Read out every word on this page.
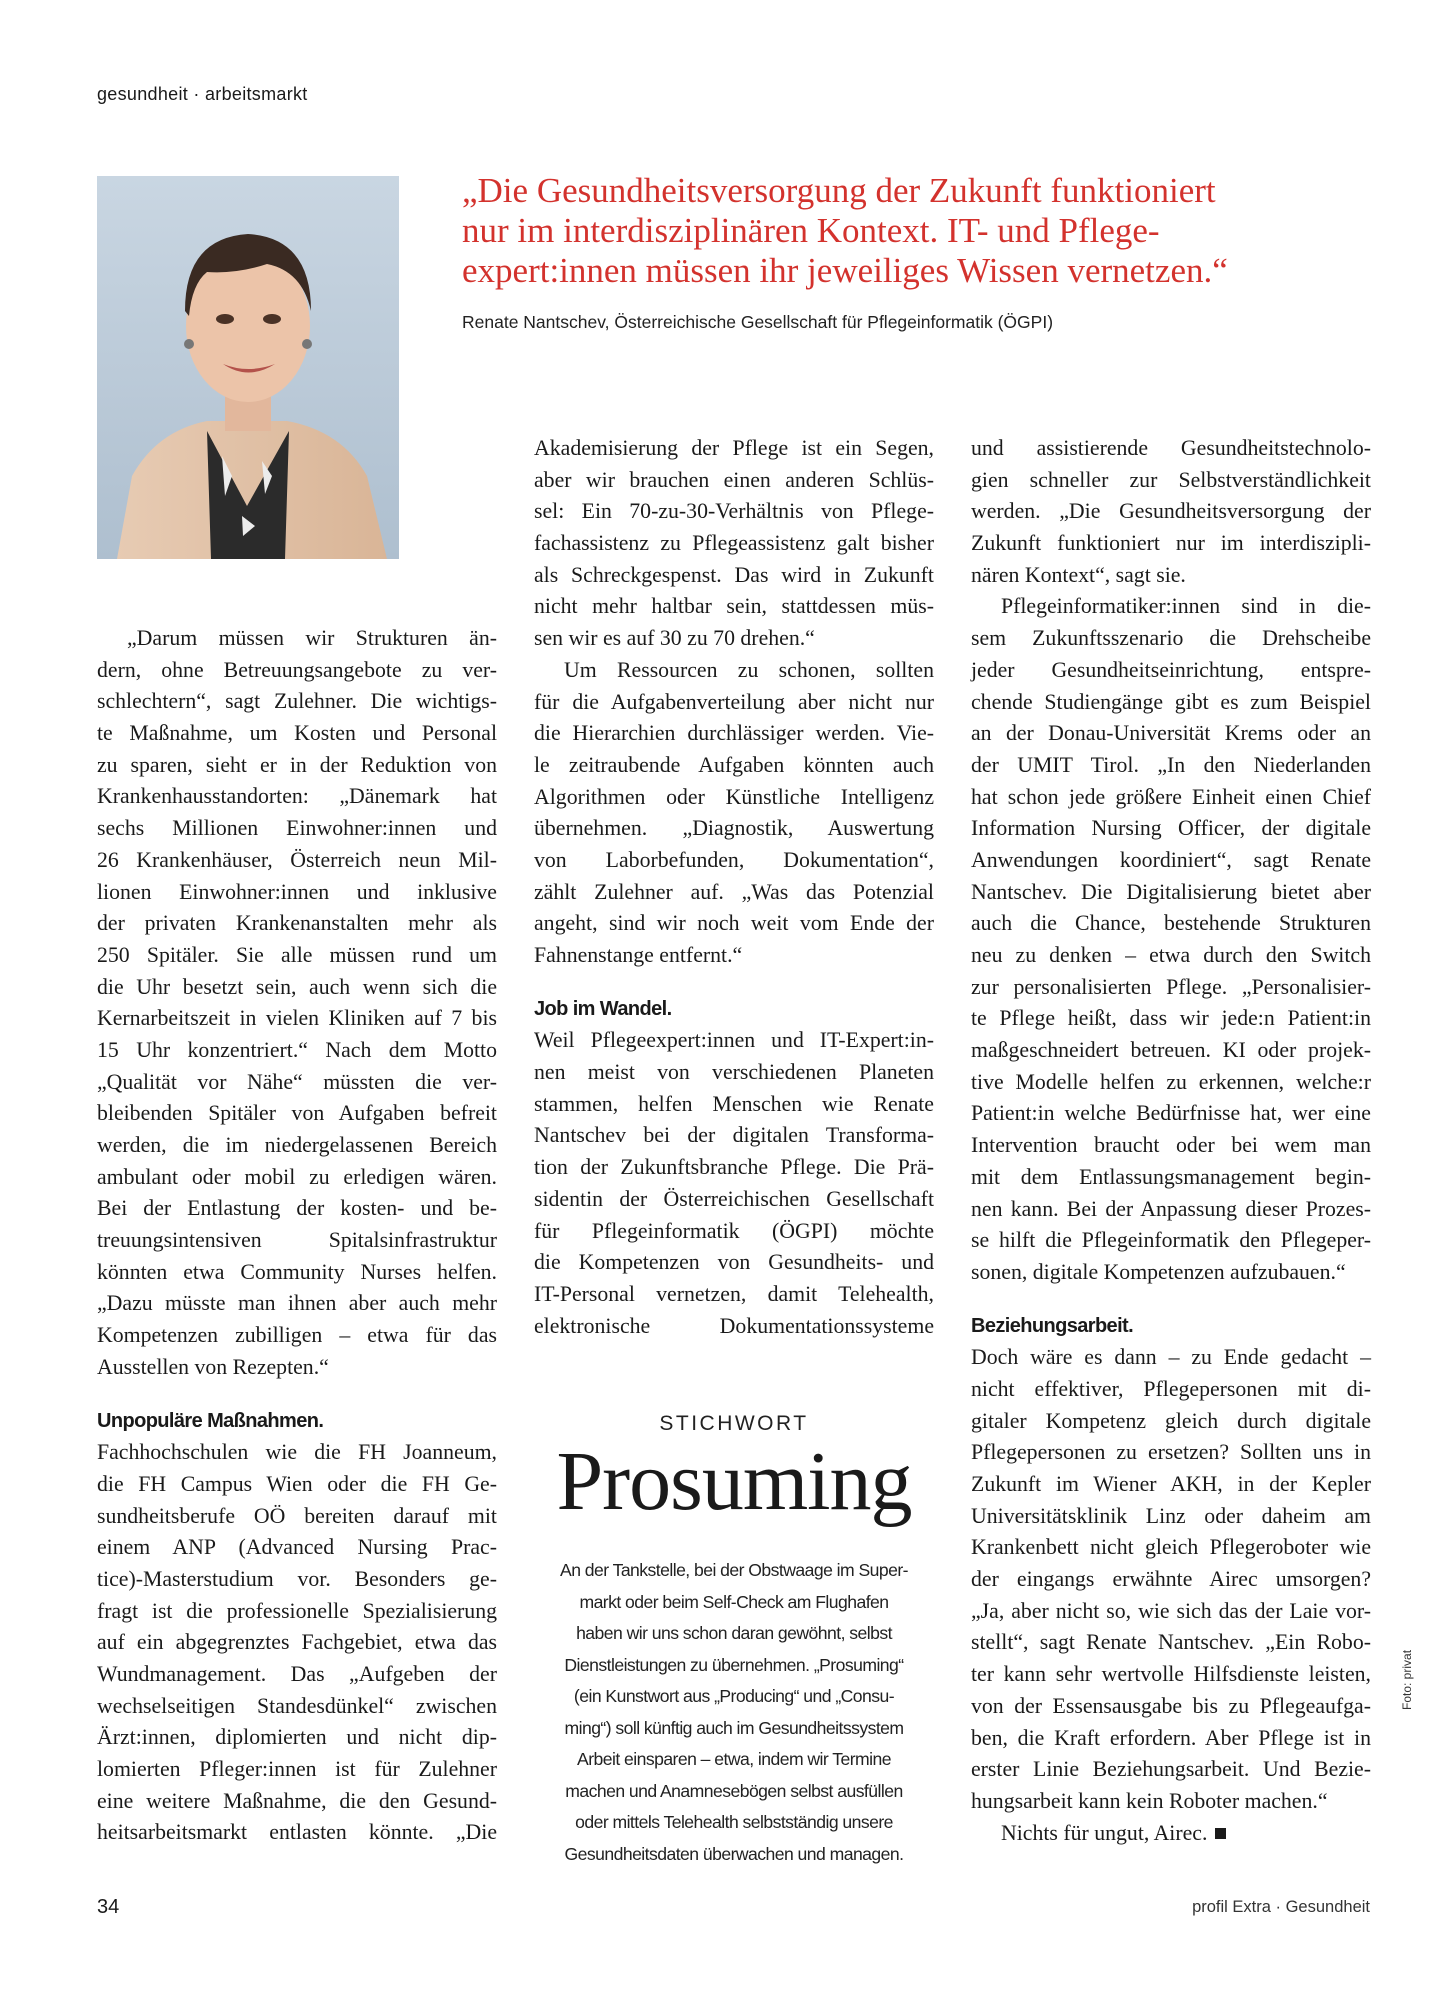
gesundheit · arbeitsmarkt
„Die Gesundheitsversorgung der Zukunft funktioniert
nur im interdisziplinären Kontext. IT- und Pflege-
expert:innen müssen ihr jeweiliges Wissen vernetzen.“
Renate Nantschev, Österreichische Gesellschaft für Pflegeinformatik (ÖGPI)
„Darum müssen wir Strukturen än-
dern, ohne Betreuungsangebote zu ver-
schlechtern“, sagt Zulehner. Die wichtigs-
te Maßnahme, um Kosten und Personal
zu sparen, sieht er in der Reduktion von
Krankenhausstandorten: „Dänemark hat
sechs Millionen Einwohner:innen und
26 Krankenhäuser, Österreich neun Mil-
lionen Einwohner:innen und inklusive
der privaten Krankenanstalten mehr als
250 Spitäler. Sie alle müssen rund um
die Uhr besetzt sein, auch wenn sich die
Kernarbeitszeit in vielen Kliniken auf 7 bis
15 Uhr konzentriert.“ Nach dem Motto
„Qualität vor Nähe“ müssten die ver-
bleibenden Spitäler von Aufgaben befreit
werden, die im niedergelassenen Bereich
ambulant oder mobil zu erledigen wären.
Bei der Entlastung der kosten- und be-
treuungsintensiven Spitalsinfrastruktur
könnten etwa Community Nurses helfen.
„Dazu müsste man ihnen aber auch mehr
Kompetenzen zubilligen – etwa für das
Ausstellen von Rezepten.“
Unpopuläre Maßnahmen.
Fachhochschulen wie die FH Joanneum,
die FH Campus Wien oder die FH Ge-
sundheitsberufe OÖ bereiten darauf mit
einem ANP (Advanced Nursing Prac-
tice)-Masterstudium vor. Besonders ge-
fragt ist die professionelle Spezialisierung
auf ein abgegrenztes Fachgebiet, etwa das
Wundmanagement. Das „Aufgeben der
wechselseitigen Standesdünkel“ zwischen
Ärzt:innen, diplomierten und nicht dip-
lomierten Pfleger:innen ist für Zulehner
eine weitere Maßnahme, die den Gesund-
heitsarbeitsmarkt entlasten könnte. „Die
Akademisierung der Pflege ist ein Segen,
aber wir brauchen einen anderen Schlüs-
sel: Ein 70-zu-30-Verhältnis von Pflege-
fachassistenz zu Pflegeassistenz galt bisher
als Schreckgespenst. Das wird in Zukunft
nicht mehr haltbar sein, stattdessen müs-
sen wir es auf 30 zu 70 drehen.“
Um Ressourcen zu schonen, sollten
für die Aufgabenverteilung aber nicht nur
die Hierarchien durchlässiger werden. Vie-
le zeitraubende Aufgaben könnten auch
Algorithmen oder Künstliche Intelligenz
übernehmen. „Diagnostik, Auswertung
von Laborbefunden, Dokumentation“,
zählt Zulehner auf. „Was das Potenzial
angeht, sind wir noch weit vom Ende der
Fahnenstange entfernt.“
Job im Wandel.
Weil Pflegeexpert:innen und IT-Expert:in-
nen meist von verschiedenen Planeten
stammen, helfen Menschen wie Renate
Nantschev bei der digitalen Transforma-
tion der Zukunftsbranche Pflege. Die Prä-
sidentin der Österreichischen Gesellschaft
für Pflegeinformatik (ÖGPI) möchte
die Kompetenzen von Gesundheits- und
IT-Personal vernetzen, damit Telehealth,
elektronische Dokumentationssysteme
und assistierende Gesundheitstechnolo-
gien schneller zur Selbstverständlichkeit
werden. „Die Gesundheitsversorgung der
Zukunft funktioniert nur im interdiszipli-
nären Kontext“, sagt sie.
Pflegeinformatiker:innen sind in die-
sem Zukunftsszenario die Drehscheibe
jeder Gesundheitseinrichtung, entspre-
chende Studiengänge gibt es zum Beispiel
an der Donau-Universität Krems oder an
der UMIT Tirol. „In den Niederlanden
hat schon jede größere Einheit einen Chief
Information Nursing Officer, der digitale
Anwendungen koordiniert“, sagt Renate
Nantschev. Die Digitalisierung bietet aber
auch die Chance, bestehende Strukturen
neu zu denken – etwa durch den Switch
zur personalisierten Pflege. „Personalisier-
te Pflege heißt, dass wir jede:n Patient:in
maßgeschneidert betreuen. KI oder projek-
tive Modelle helfen zu erkennen, welche:r
Patient:in welche Bedürfnisse hat, wer eine
Intervention braucht oder bei wem man
mit dem Entlassungsmanagement begin-
nen kann. Bei der Anpassung dieser Prozes-
se hilft die Pflegeinformatik den Pflegeper-
sonen, digitale Kompetenzen aufzubauen.“
Beziehungsarbeit.
Doch wäre es dann – zu Ende gedacht –
nicht effektiver, Pflegepersonen mit di-
gitaler Kompetenz gleich durch digitale
Pflegepersonen zu ersetzen? Sollten uns in
Zukunft im Wiener AKH, in der Kepler
Universitätsklinik Linz oder daheim am
Krankenbett nicht gleich Pflegeroboter wie
der eingangs erwähnte Airec umsorgen?
„Ja, aber nicht so, wie sich das der Laie vor-
stellt“, sagt Renate Nantschev. „Ein Robo-
ter kann sehr wertvolle Hilfsdienste leisten,
von der Essensausgabe bis zu Pflegeaufga-
ben, die Kraft erfordern. Aber Pflege ist in
erster Linie Beziehungsarbeit. Und Bezie-
hungsarbeit kann kein Roboter machen.“
Nichts für ungut, Airec.
STICHWORT
Prosuming
An der Tankstelle, bei der Obstwaage im Super-
markt oder beim Self-Check am Flughafen
haben wir uns schon daran gewöhnt, selbst
Dienstleistungen zu übernehmen. „Prosuming“
(ein Kunstwort aus „Producing“ und „Consu-
ming“) soll künftig auch im Gesundheitssystem
Arbeit einsparen – etwa, indem wir Termine
machen und Anamnesebögen selbst ausfüllen
oder mittels Telehealth selbstständig unsere
Gesundheitsdaten überwachen und managen.
34	profil Extra · Gesundheit
Foto: privat
